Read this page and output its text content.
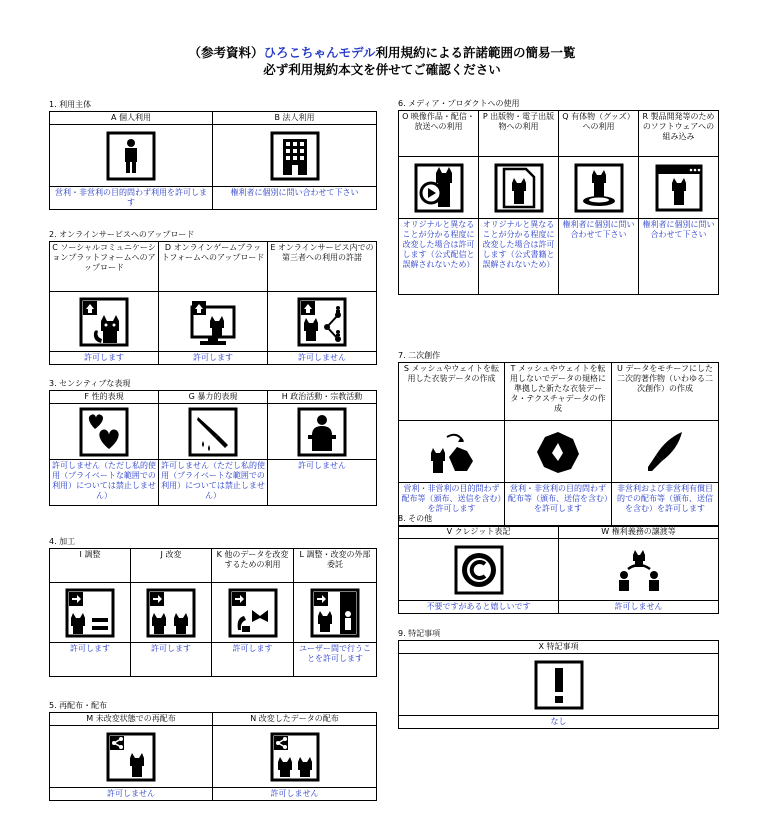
（参考資料）ひろこちゃんモデル利用規約による許諾範囲の簡易一覧
必ず利用規約本文を併せてご確認ください
1. 利用主体
A 個人利用	B 法人利用

営利・非営利の目的問わず利用を許可します	権利者に個別に問い合わせて下さい
2. オンラインサービスへのアップロード
C ソーシャルコミュニケーションプラットフォームへのアップロード	D オンラインゲームプラットフォームへのアップロード	E オンラインサービス内での第三者への利用の許諾

許可します	許可します	許可しません
3. センシティブな表現
F 性的表現	G 暴力的表現	H 政治活動・宗教活動

許可しません（ただし私的使用（プライベートな範囲での利用）については禁止しません）	許可しません（ただし私的使用（プライベートな範囲での利用）については禁止しません）	許可しません
4. 加工
I 調整	J 改変	K 他のデータを改変するための利用	L 調整・改変の外部委託

許可します	許可します	許可します	ユーザー間で行うことを許可します
5. 再配布・配布
M 未改変状態での再配布	N 改変したデータの配布

許可しません	許可しません
6. メディア・プロダクトへの使用
O 映像作品・配信・放送への利用	P 出版物・電子出版物への利用	Q 有体物（グッズ）への利用	R 製品開発等のためのソフトウェアへの組み込み

オリジナルと異なることが分かる程度に改変した場合は許可します（公式配信と誤解されないため）	オリジナルと異なることが分かる程度に改変した場合は許可します（公式書籍と誤解されないため）	権利者に個別に問い合わせて下さい	権利者に個別に問い合わせて下さい
7. 二次創作
S メッシュやウェイトを転用した衣装データの作成	T メッシュやウェイトを転用しないでデータの規格に準拠した新たな衣装データ・テクスチャデータの作成	U データをモチーフにした二次的著作物（いわゆる二次創作）の作成

営利・非営利の目的問わず配布等（頒布、送信を含む）を許可します	営利・非営利の目的問わず配布等（頒布、送信を含む）を許可します	非営利および非営利有償目的での配布等（頒布、送信を含む）を許可します
8. その他
V クレジット表記	W 権利義務の譲渡等

不要ですがあると嬉しいです	許可しません
9. 特記事項
X 特記事項

なし
